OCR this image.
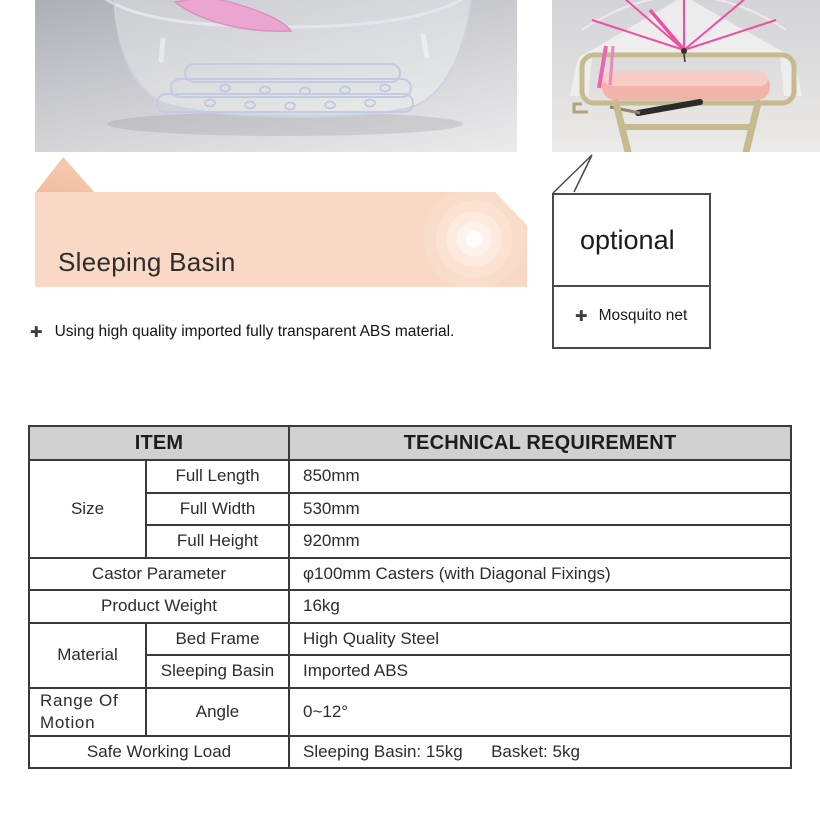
Sleeping Basin
✚ Using high quality imported fully transparent ABS material.
optional
✚ Mosquito net
ITEM		TECHNICAL REQUIREMENT
Size	Full Length	850mm
	Full Width	530mm
	Full Height	920mm
Castor Parameter		φ100mm Casters (with Diagonal Fixings)
Product Weight		16kg
Material	Bed Frame	High Quality Steel
	Sleeping Basin	Imported ABS
Range Of Motion	Angle	0~12°
Safe Working Load		Sleeping Basin: 15kg      Basket: 5kg
